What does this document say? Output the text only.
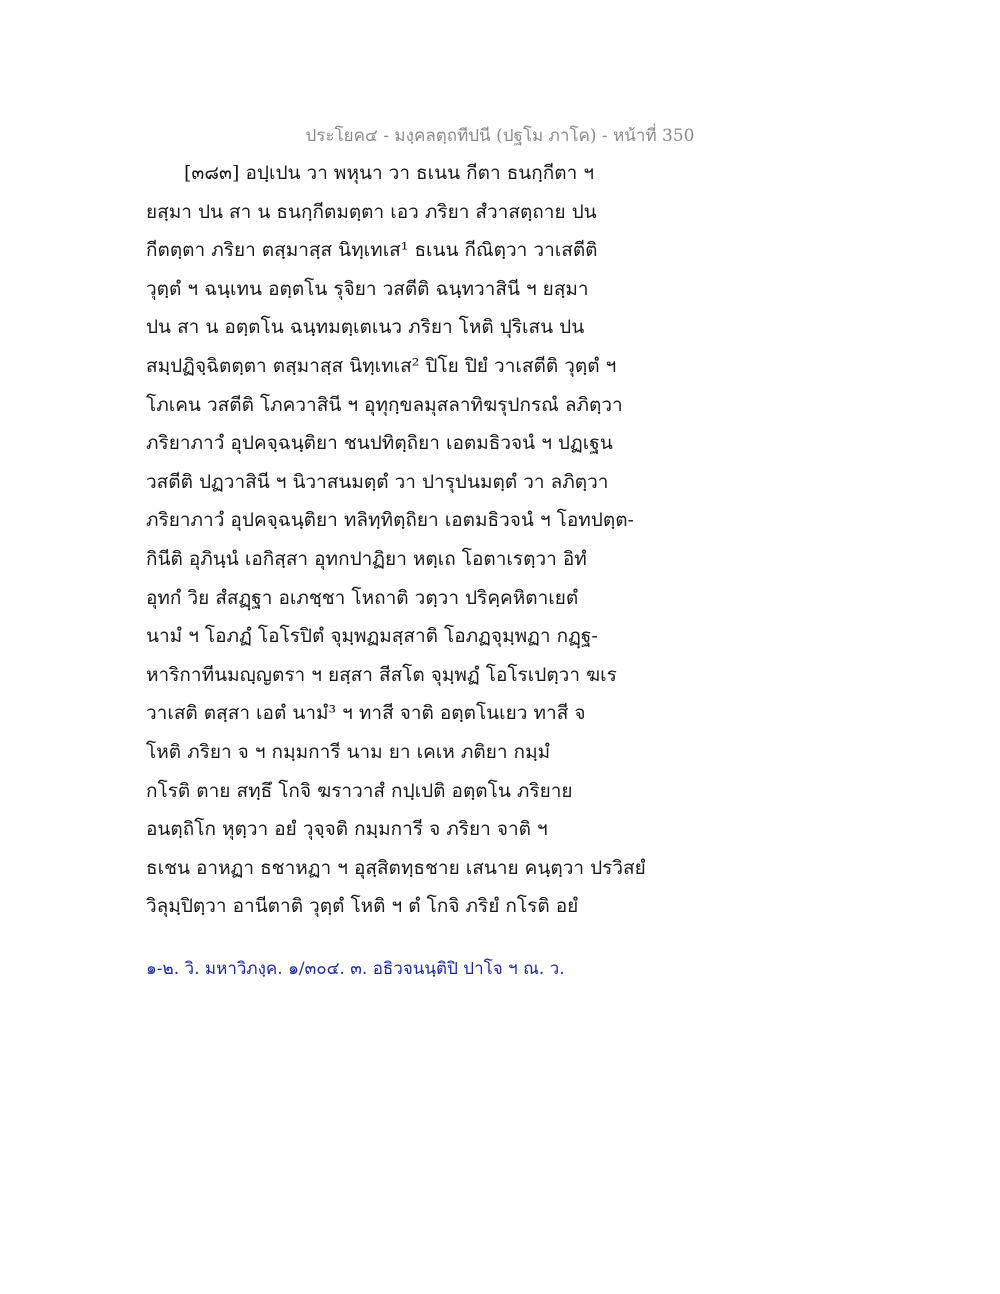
ประโยค๔ - มงฺคลตฺถทีปนี (ปฐโม ภาโค) - หน้าที่ 350
[๓๘๓] อปฺเปน วา พหุนา วา ธเนน กีตา ธนกฺกีตา ฯ
ยสฺมา ปน สา น ธนกฺกีตมตฺตา เอว ภริยา สํวาสตฺถาย ปน
กีตตฺตา ภริยา ตสฺมาสฺส นิทฺเทเส¹ ธเนน กีณิตฺวา วาเสตีติ
วุตฺตํ ฯ ฉนฺเทน อตฺตโน รุจิยา วสตีติ ฉนฺทวาสินี ฯ ยสฺมา
ปน สา น อตฺตโน ฉนฺทมตฺเตเนว ภริยา โหติ ปุริเสน ปน
สมฺปฏิจฺฉิตตฺตา ตสฺมาสฺส นิทฺเทเส² ปิโย ปิยํ วาเสตีติ วุตฺตํ ฯ
โภเคน วสตีติ โภควาสินี ฯ อุทุกฺขลมุสลาทิฆรุปกรณํ ลภิตฺวา
ภริยาภาวํ อุปคจฺฉนฺติยา ชนปทิตฺถิยา เอตมธิวจนํ ฯ ปฏเฐน
วสตีติ ปฏวาสินี ฯ นิวาสนมตฺตํ วา ปารุปนมตฺตํ วา ลภิตฺวา
ภริยาภาวํ อุปคจฺฉนฺติยา ทลิทฺทิตฺถิยา เอตมธิวจนํ ฯ โอทปตฺต-
กินีติ อุภินฺนํ เอกิสฺสา อุทกปาฏิยา หตฺเถ โอตาเรตฺวา อิทํ
อุทกํ วิย สํสฏฺฐา อเภชฺชา โหถาติ วตฺวา ปริคฺคหิตาเยตํ
นามํ ฯ โอภฏํ โอโรปิตํ จุมฺพฏมสฺสาติ โอภฏจุมฺพฏา กฏฺฐ-
หาริกาทีนมญฺญตรา ฯ ยสฺสา สีสโต จุมฺพฏํ โอโรเปตฺวา ฆเร
วาเสติ ตสฺสา เอตํ นามํ³ ฯ ทาสี จาติ อตฺตโนเยว ทาสี จ
โหติ ภริยา จ ฯ กมฺมการี นาม ยา เคเห ภติยา กมฺมํ
กโรติ ตาย สทฺธึ โกจิ ฆราวาสํ กปฺเปติ อตฺตโน ภริยาย
อนตฺถิโก หุตฺวา อยํ วุจฺจติ กมฺมการี จ ภริยา จาติ ฯ
ธเชน อาหฏา ธชาหฏา ฯ อุสฺสิตทฺธชาย เสนาย คนฺตฺวา ปรวิสยํ
วิลุมฺปิตฺวา อานีตาติ วุตฺตํ โหติ ฯ ตํ โกจิ ภริยํ กโรติ อยํ
๑-๒. วิ. มหาวิภงฺค. ๑/๓๐๔. ๓. อธิวจนนฺติปิ ปาโจ ฯ ณ. ว.
